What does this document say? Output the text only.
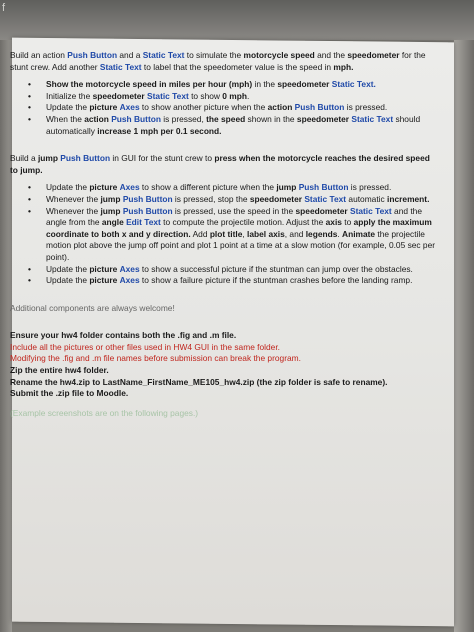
f

Build an action Push Button and a Static Text to simulate the motorcycle speed and the speedometer for the stunt crew. Add another Static Text to label that the speedometer value is the speed in mph.

• Show the motorcycle speed in miles per hour (mph) in the speedometer Static Text.
• Initialize the speedometer Static Text to show 0 mph.
• Update the picture Axes to show another picture when the action Push Button is pressed.
• When the action Push Button is pressed, the speed shown in the speedometer Static Text should automatically increase 1 mph per 0.1 second.

Build a jump Push Button in GUI for the stunt crew to press when the motorcycle reaches the desired speed to jump.

• Update the picture Axes to show a different picture when the jump Push Button is pressed.
• Whenever the jump Push Button is pressed, stop the speedometer Static Text automatic increment.
• Whenever the jump Push Button is pressed, use the speed in the speedometer Static Text and the angle from the angle Edit Text to compute the projectile motion. Adjust the axis to apply the maximum coordinate to both x and y direction. Add plot title, label axis, and legends. Animate the projectile motion plot above the jump off point and plot 1 point at a time at a slow motion (for example, 0.05 sec per point).
• Update the picture Axes to show a successful picture if the stuntman can jump over the obstacles.
• Update the picture Axes to show a failure picture if the stuntman crashes before the landing ramp.

Additional components are always welcome!

Ensure your hw4 folder contains both the .fig and .m file.

Include all the pictures or other files used in HW4 GUI in the same folder.

Modifying the .fig and .m file names before submission can break the program.

Zip the entire hw4 folder.

Rename the hw4.zip to LastName_FirstName_ME105_hw4.zip (the zip folder is safe to rename).

Submit the .zip file to Moodle.

(Example screenshots are on the following pages.)
